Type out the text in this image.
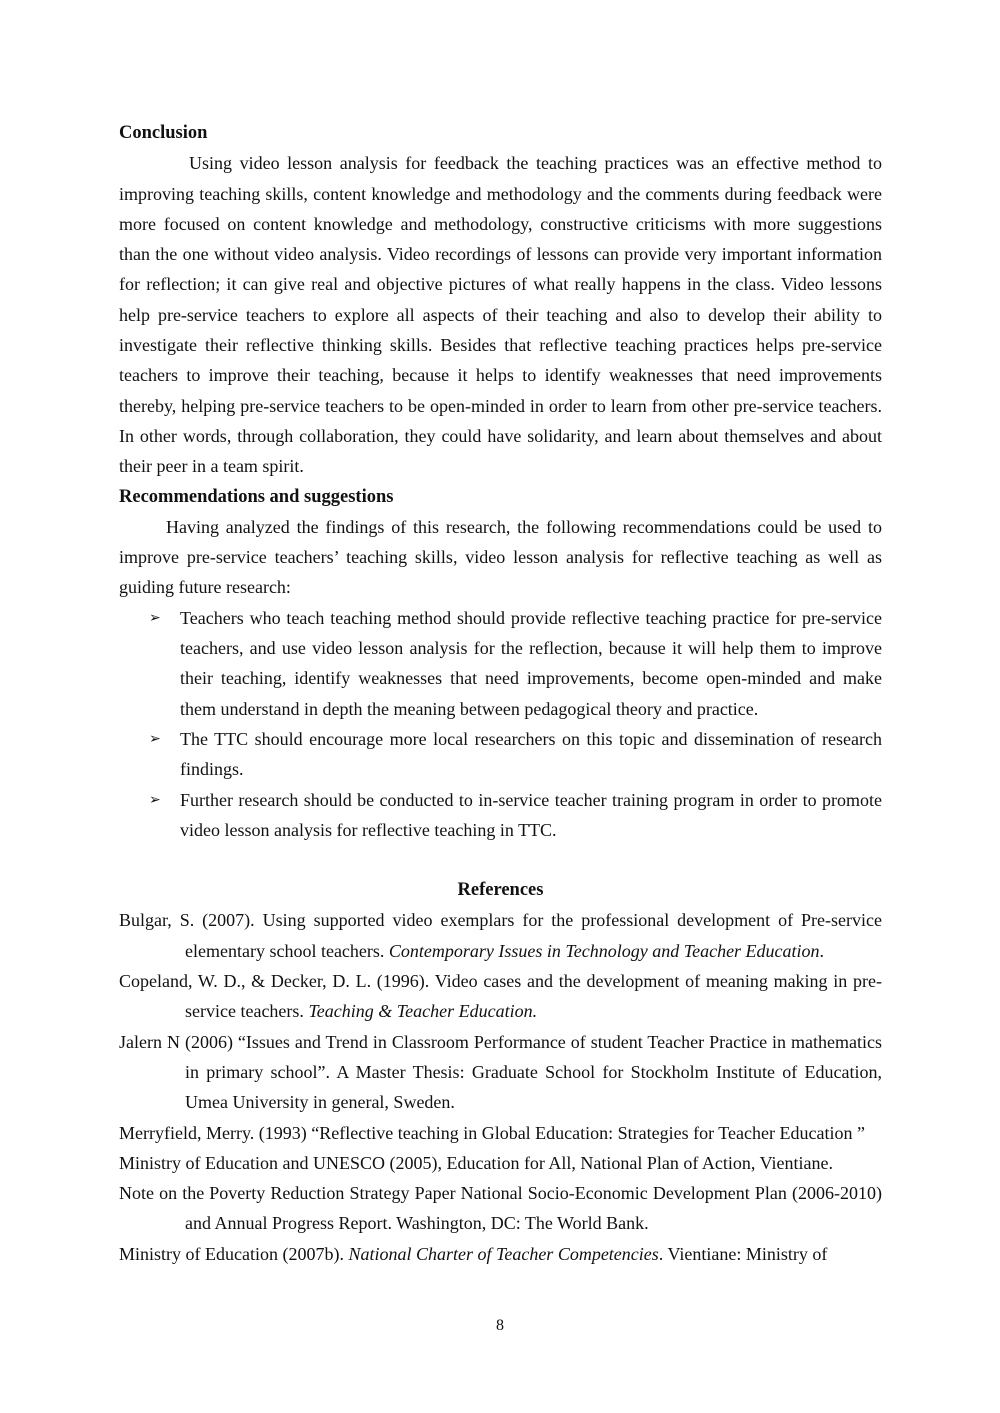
Conclusion

Using video lesson analysis for feedback the teaching practices was an effective method to improving teaching skills, content knowledge and methodology and the comments during feedback were more focused on content knowledge and methodology, constructive criticisms with more suggestions than the one without video analysis. Video recordings of lessons can provide very important information for reflection; it can give real and objective pictures of what really happens in the class. Video lessons help pre-service teachers to explore all aspects of their teaching and also to develop their ability to investigate their reflective thinking skills. Besides that reflective teaching practices helps pre-service teachers to improve their teaching, because it helps to identify weaknesses that need improvements thereby, helping pre-service teachers to be open-minded in order to learn from other pre-service teachers. In other words, through collaboration, they could have solidarity, and learn about themselves and about their peer in a team spirit.

Recommendations and suggestions

Having analyzed the findings of this research, the following recommendations could be used to improve pre-service teachers’ teaching skills, video lesson analysis for reflective teaching as well as guiding future research:

➢ Teachers who teach teaching method should provide reflective teaching practice for pre-service teachers, and use video lesson analysis for the reflection, because it will help them to improve their teaching, identify weaknesses that need improvements, become open-minded and make them understand in depth the meaning between pedagogical theory and practice.
➢ The TTC should encourage more local researchers on this topic and dissemination of research findings.
➢ Further research should be conducted to in-service teacher training program in order to promote video lesson analysis for reflective teaching in TTC.
References

Bulgar, S. (2007). Using supported video exemplars for the professional development of Pre-service elementary school teachers. Contemporary Issues in Technology and Teacher Education.

Copeland, W. D., & Decker, D. L. (1996). Video cases and the development of meaning making in pre-service teachers. Teaching & Teacher Education.

Jalern N (2006) “Issues and Trend in Classroom Performance of student Teacher Practice in mathematics in primary school”. A Master Thesis: Graduate School for Stockholm Institute of Education, Umea University in general, Sweden.

Merryfield, Merry. (1993) “Reflective teaching in Global Education: Strategies for Teacher Education ”

Ministry of Education and UNESCO (2005), Education for All, National Plan of Action, Vientiane.

Note on the Poverty Reduction Strategy Paper National Socio-Economic Development Plan (2006-2010) and Annual Progress Report. Washington, DC: The World Bank.

Ministry of Education (2007b). National Charter of Teacher Competencies. Vientiane: Ministry of

8
